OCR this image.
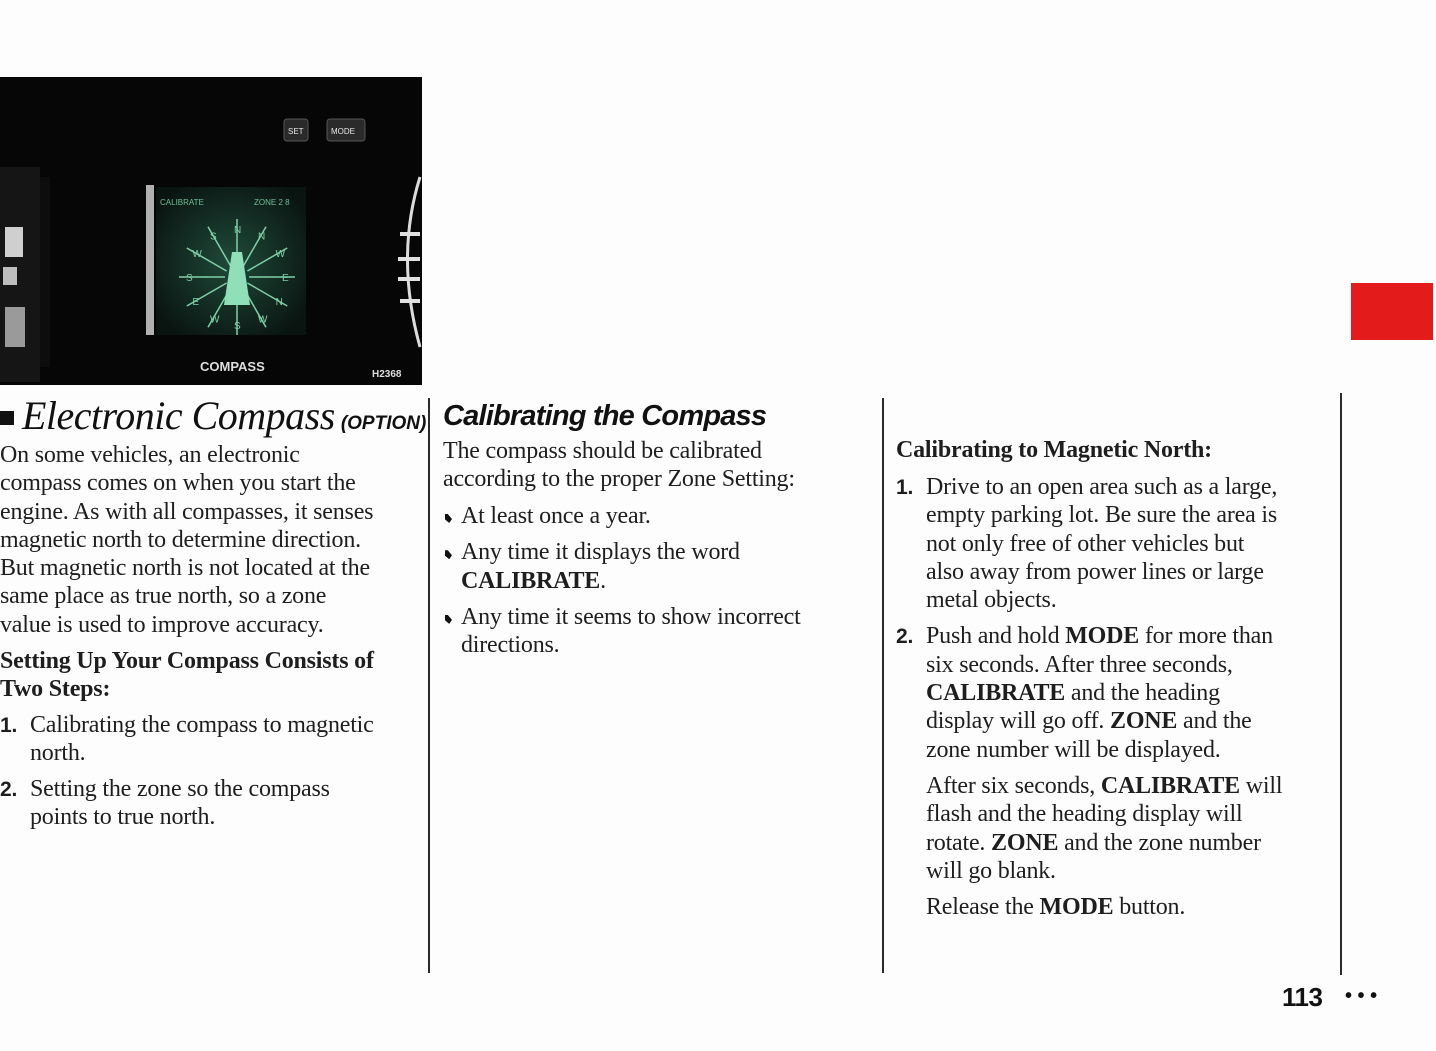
SET	MODE
CALIBRATE	ZONE 2 8
N
N
W
E
N
W
S
W
E
S
W
S
COMPASS
H2368
Electronic Compass (OPTION)
On some vehicles, an electronic
compass comes on when you start the
engine. As with all compasses, it senses
magnetic north to determine direction.
But magnetic north is not located at the
same place as true north, so a zone
value is used to improve accuracy.
Setting Up Your Compass Consists of
Two Steps:
1. Calibrating the compass to magnetic
north.
2. Setting the zone so the compass
points to true north.
Calibrating the Compass
The compass should be calibrated
according to the proper Zone Setting:
At least once a year.
Any time it displays the word
CALIBRATE.
Any time it seems to show incorrect
directions.
Calibrating to Magnetic North:
1. Drive to an open area such as a large,
empty parking lot. Be sure the area is
not only free of other vehicles but
also away from power lines or large
metal objects.
2. Push and hold MODE for more than
six seconds. After three seconds,
CALIBRATE and the heading
display will go off. ZONE and the
zone number will be displayed.
After six seconds, CALIBRATE will
flash and the heading display will
rotate. ZONE and the zone number
will go blank.
Release the MODE button.
113 • • •
